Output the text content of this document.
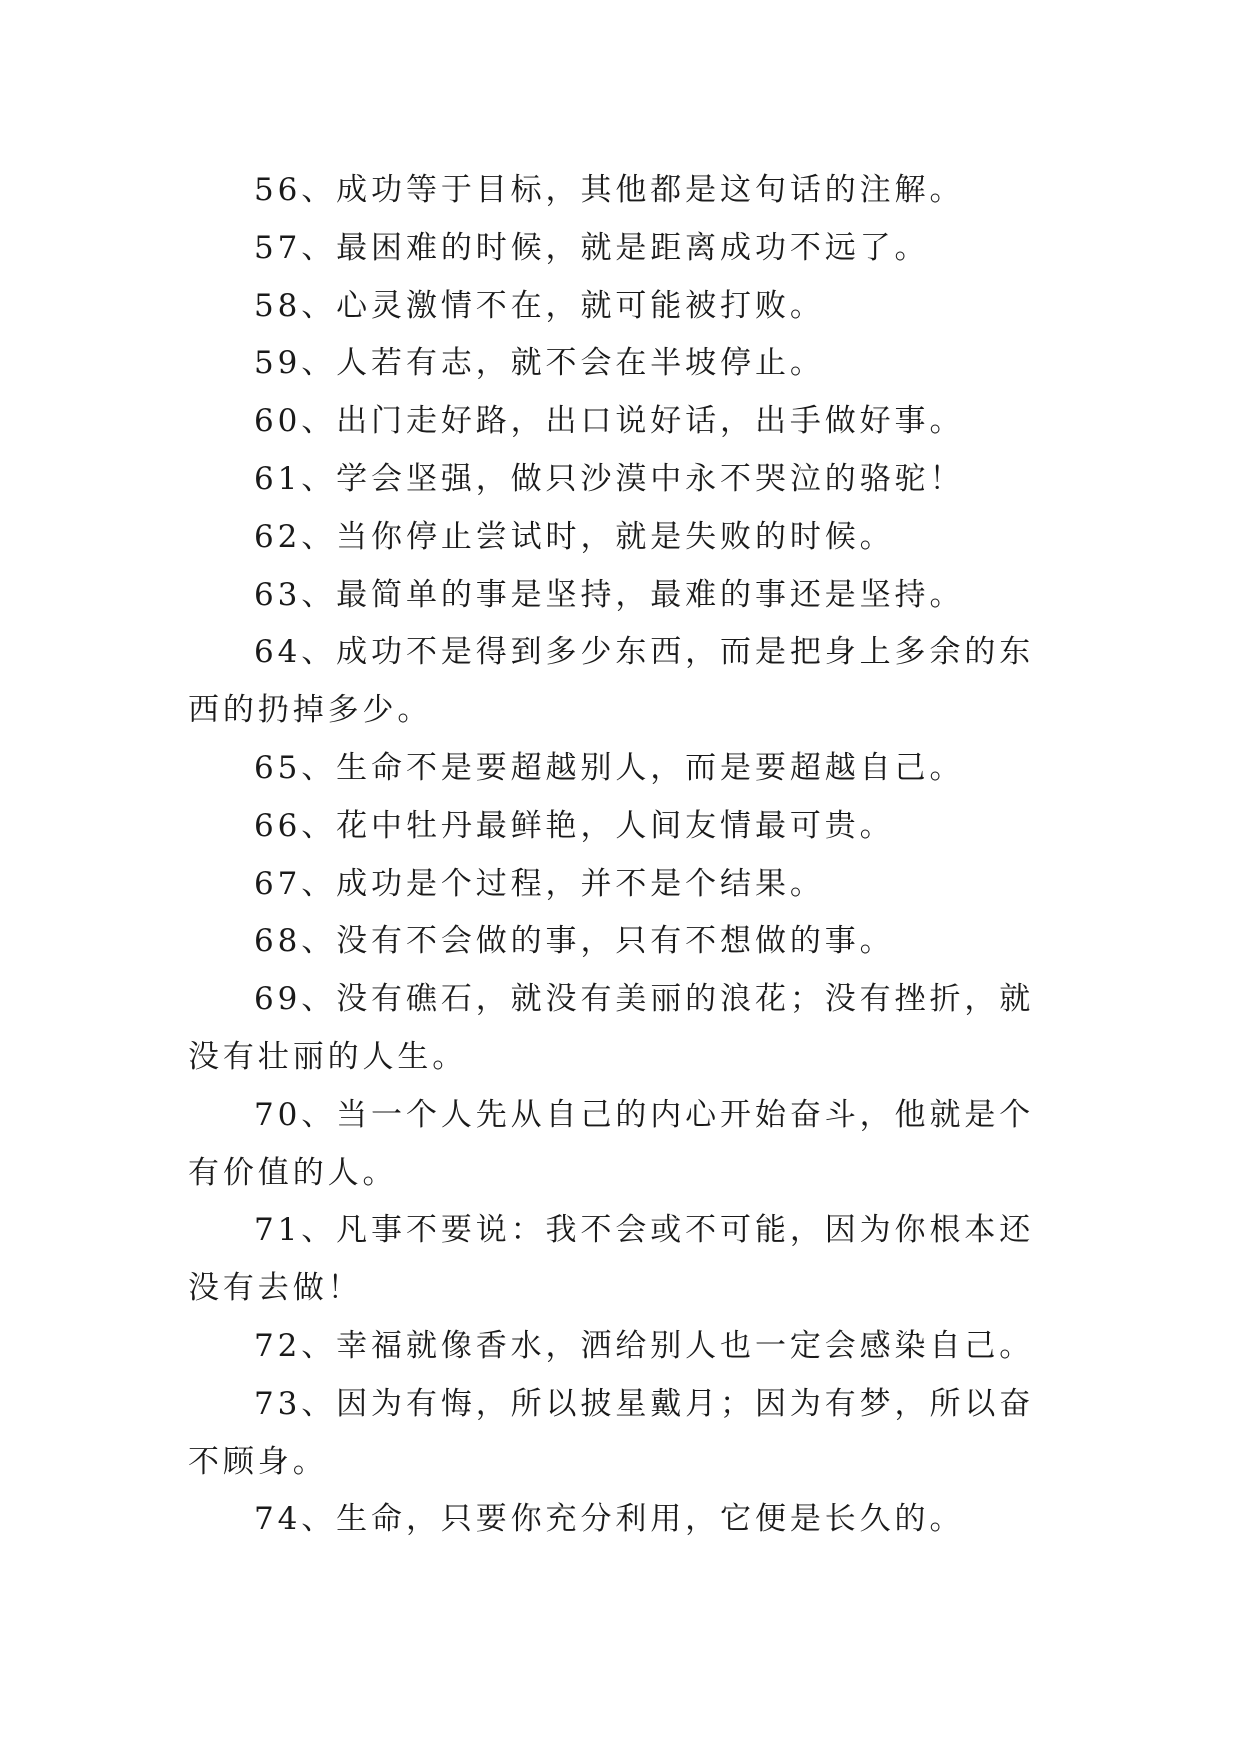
56、成功等于目标，其他都是这句话的注解。

57、最困难的时候，就是距离成功不远了。

58、心灵激情不在，就可能被打败。

59、人若有志，就不会在半坡停止。

60、出门走好路，出口说好话，出手做好事。

61、学会坚强，做只沙漠中永不哭泣的骆驼！

62、当你停止尝试时，就是失败的时候。

63、最简单的事是坚持，最难的事还是坚持。

64、成功不是得到多少东西，而是把身上多余的东西的扔掉多少。

65、生命不是要超越别人，而是要超越自己。

66、花中牡丹最鲜艳，人间友情最可贵。

67、成功是个过程，并不是个结果。

68、没有不会做的事，只有不想做的事。

69、没有礁石，就没有美丽的浪花；没有挫折，就没有壮丽的人生。

70、当一个人先从自己的内心开始奋斗，他就是个有价值的人。

71、凡事不要说：我不会或不可能，因为你根本还没有去做！

72、幸福就像香水，洒给别人也一定会感染自己。

73、因为有悔，所以披星戴月；因为有梦，所以奋不顾身。

74、生命，只要你充分利用，它便是长久的。
